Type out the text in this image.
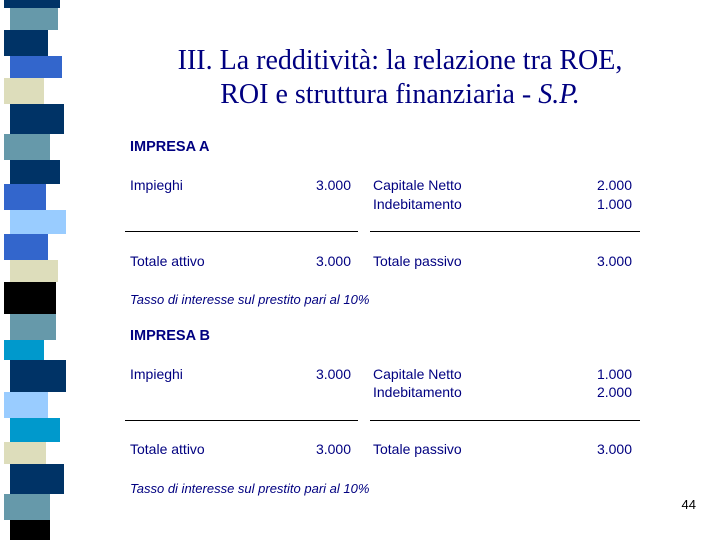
III. La redditività: la relazione tra ROE,
ROI e struttura finanziaria - S.P.
IMPRESA A
Impieghi	3.000 Capitale Netto	2.000
Indebitamento	1.000
Totale attivo	3.000 Totale passivo	3.000
Tasso di interesse sul prestito pari al 10%
IMPRESA B
Impieghi	3.000 Capitale Netto	1.000
Indebitamento	2.000
Totale attivo	3.000 Totale passivo	3.000
Tasso di interesse sul prestito pari al 10%
44
